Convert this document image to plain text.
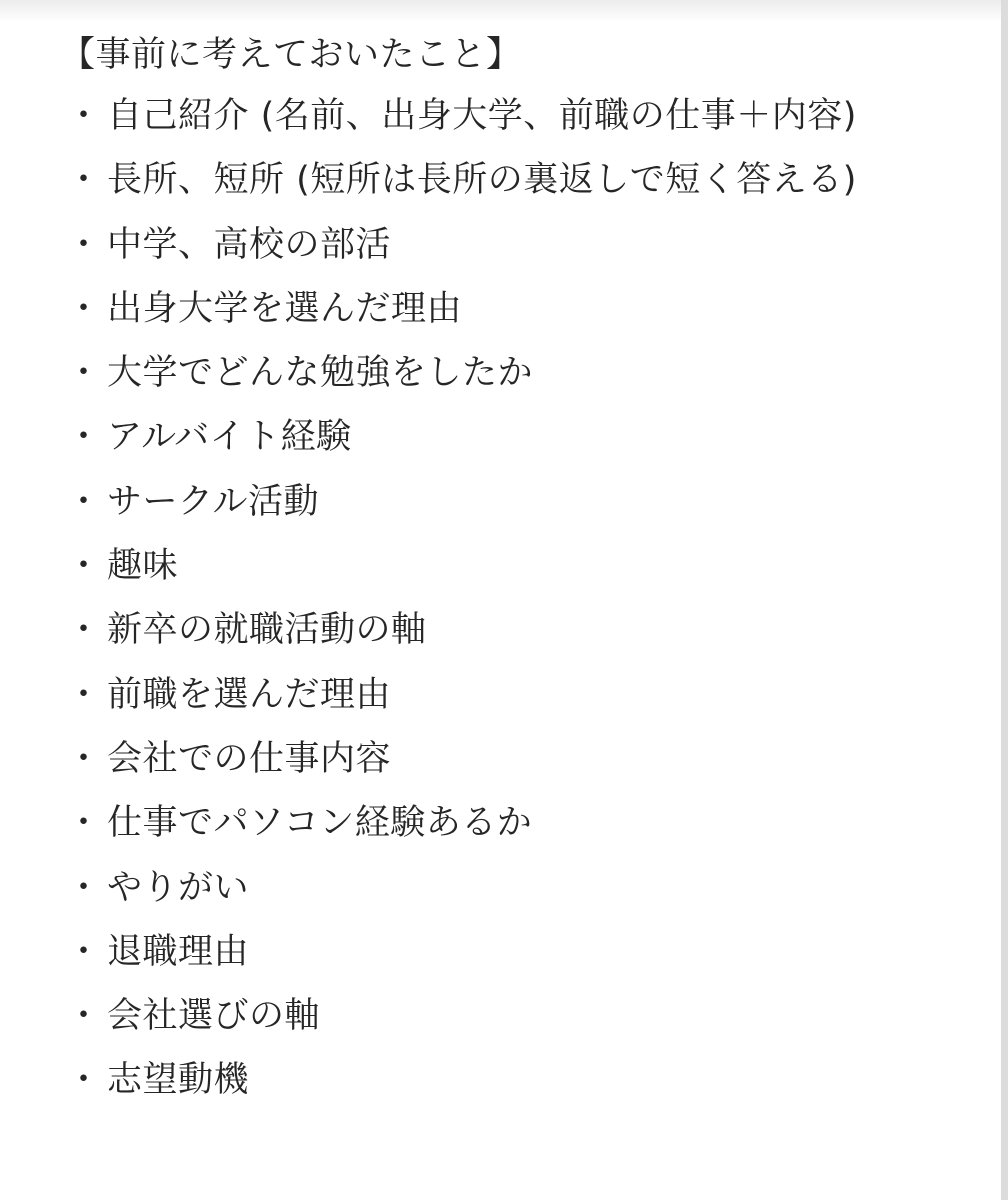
【事前に考えておいたこと】
・ 自己紹介 (名前、出身大学、前職の仕事＋内容)
・ 長所、短所 (短所は長所の裏返しで短く答える)
・ 中学、高校の部活
・ 出身大学を選んだ理由
・ 大学でどんな勉強をしたか
・ アルバイト経験
・ サークル活動
・ 趣味
・ 新卒の就職活動の軸
・ 前職を選んだ理由
・ 会社での仕事内容
・ 仕事でパソコン経験あるか
・ やりがい
・ 退職理由
・ 会社選びの軸
・ 志望動機
